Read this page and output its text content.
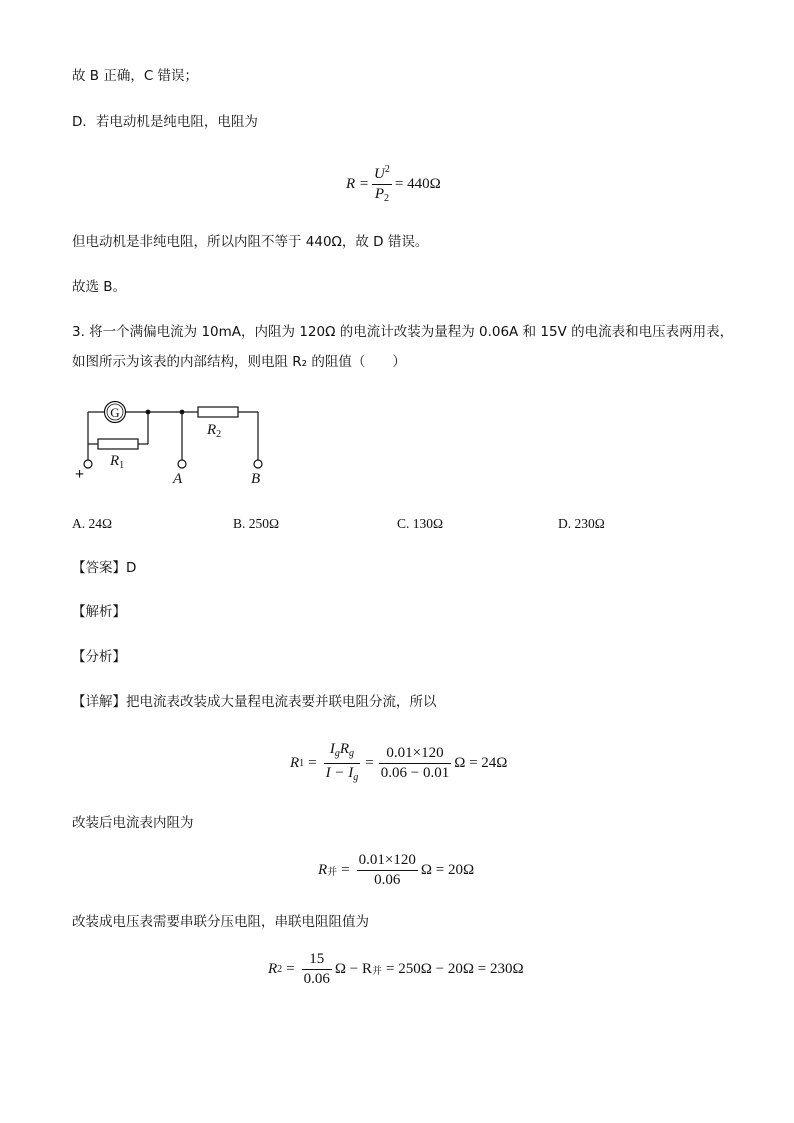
故 B 正确，C 错误；
D．若电动机是纯电阻，电阻为
$R = \frac{U^2}{P_2} = 440\Omega$
但电动机是非纯电阻，所以内阻不等于 440Ω，故 D 错误。
故选 B。
3. 将一个满偏电流为 10mA，内阻为 120Ω 的电流计改装为量程为 0.06A 和 15V 的电流表和电压表两用表，
如图所示为该表的内部结构，则电阻 R₂ 的阻值（　　）
G
$R_1$
$R_2$
+	A	B
A. 24Ω	B. 250Ω	C. 130Ω	D. 230Ω
【答案】D
【解析】
【分析】
【详解】把电流表改装成大量程电流表要并联电阻分流，所以
R $1 = \frac{I_gR_g}{I - I_g} = \frac{0.01\times 120}{0.06 - 0.01}$ Ω = 24Ω
改装后电流表内阻为
R 并 = $\frac{0.01\times 120}{0.06}$ Ω = 20Ω
改装成电压表需要串联分压电阻，串联电阻阻值为
R $2 = \frac{15}{0.06}$ Ω − R 并 = 250Ω − 20Ω = 230Ω
